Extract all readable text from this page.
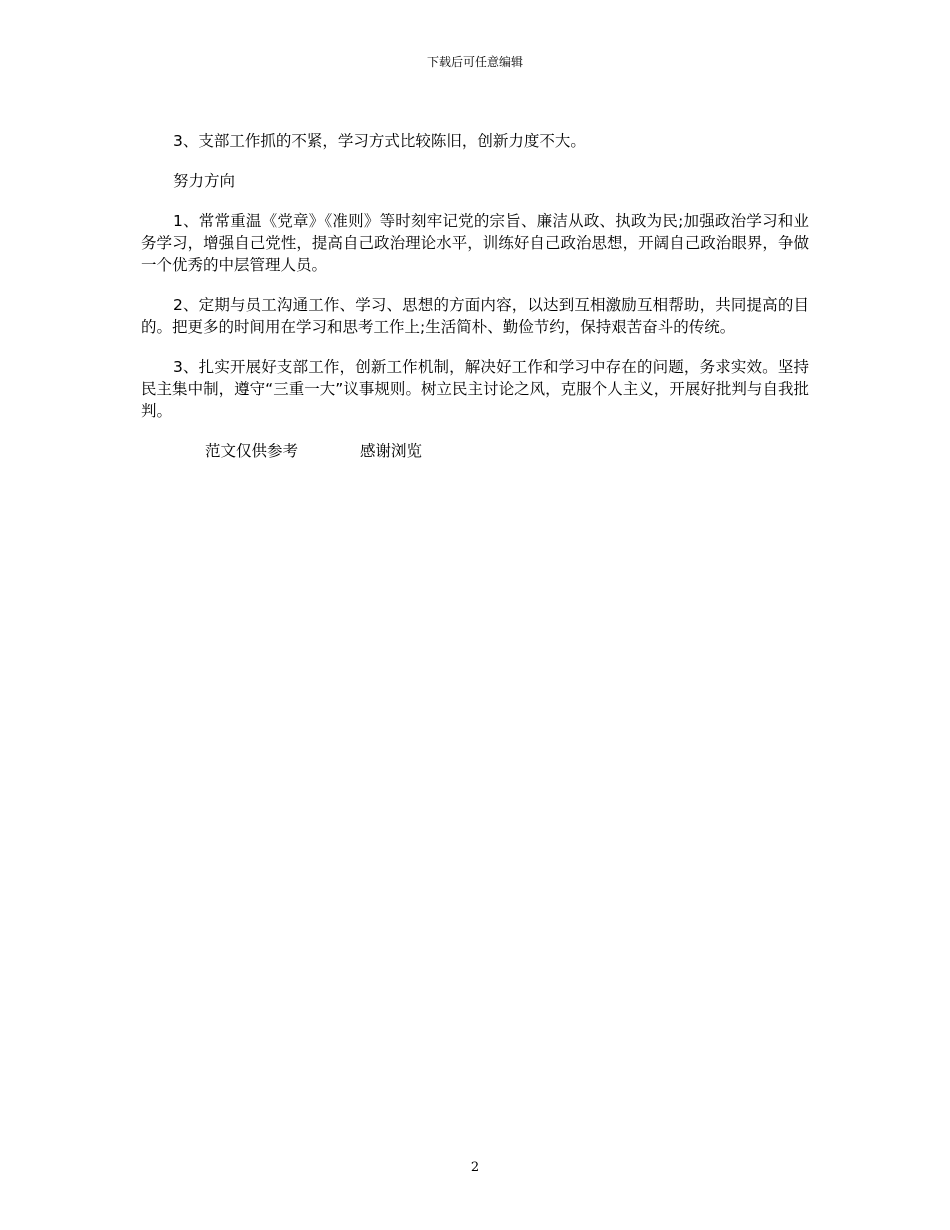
下载后可任意编辑

3、支部工作抓的不紧，学习方式比较陈旧，创新力度不大。

努力方向

1、常常重温《党章》《准则》等时刻牢记党的宗旨、廉洁从政、执政为民;加强政治学习和业务学习，增强自己党性，提高自己政治理论水平，训练好自己政治思想，开阔自己政治眼界，争做一个优秀的中层管理人员。

2、定期与员工沟通工作、学习、思想的方面内容，以达到互相激励互相帮助，共同提高的目的。把更多的时间用在学习和思考工作上;生活简朴、勤俭节约，保持艰苦奋斗的传统。

3、扎实开展好支部工作，创新工作机制，解决好工作和学习中存在的问题，务求实效。坚持民主集中制，遵守“三重一大”议事规则。树立民主讨论之风，克服个人主义，开展好批判与自我批判。

范文仅供参考	感谢浏览

2
